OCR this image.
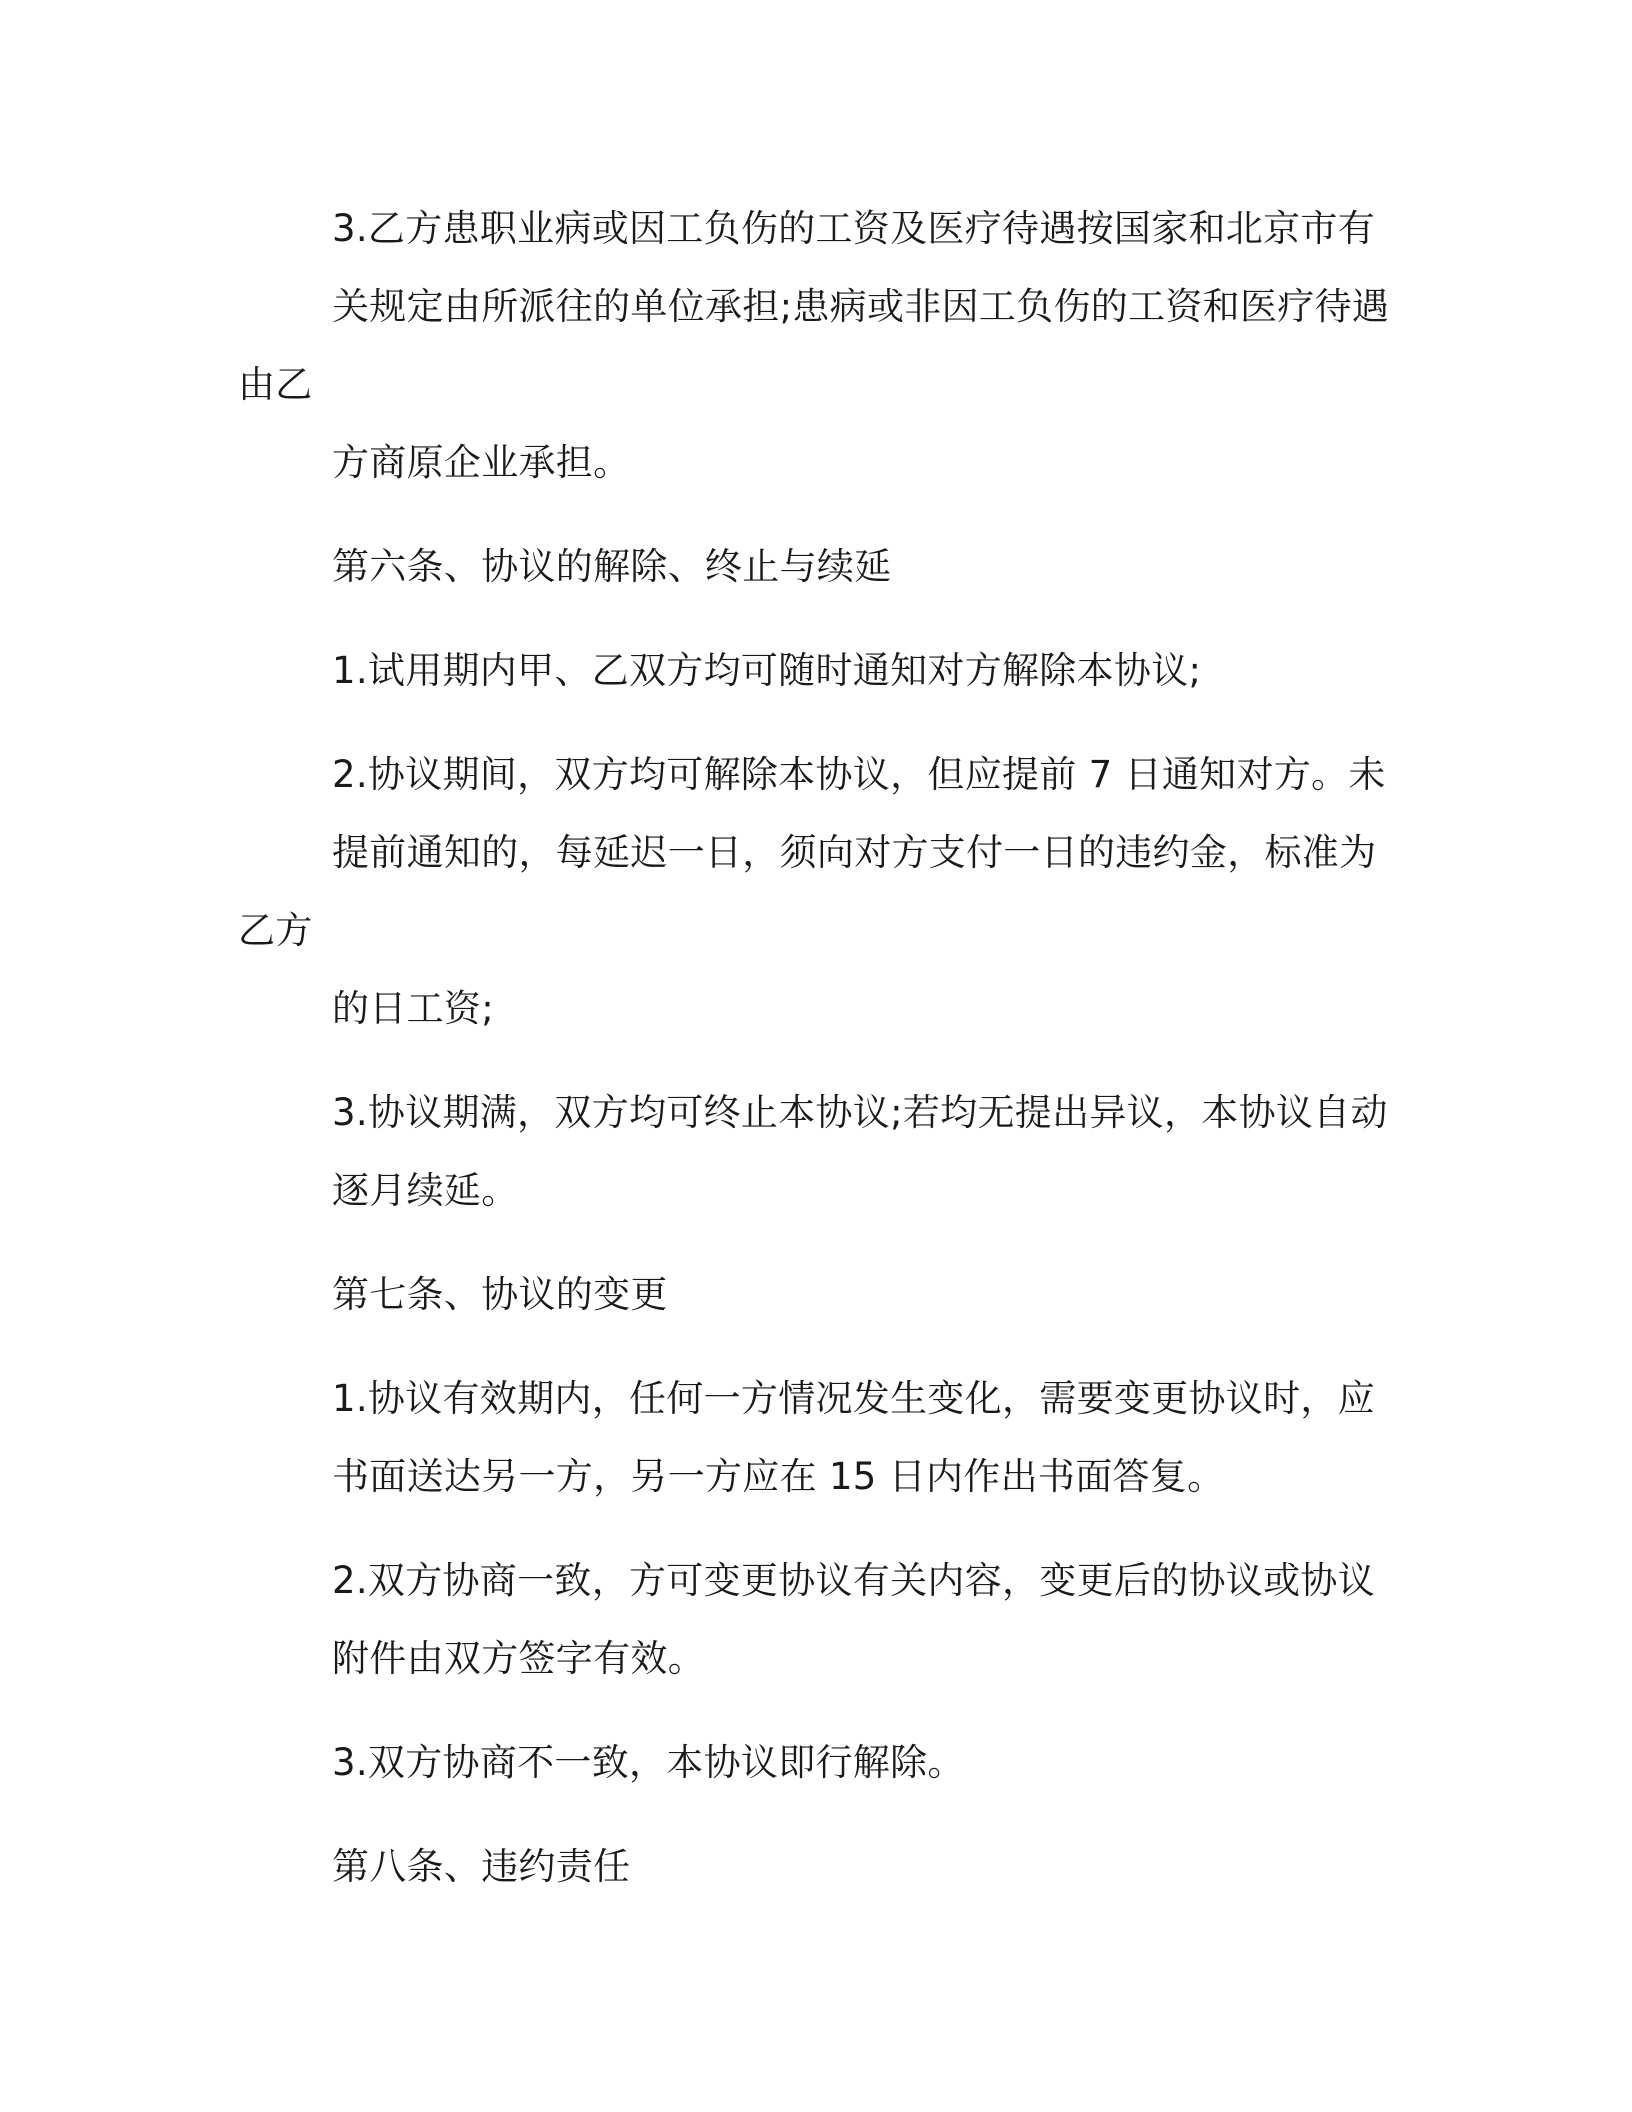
3.乙方患职业病或因工负伤的工资及医疗待遇按国家和北京市有
关规定由所派往的单位承担;患病或非因工负伤的工资和医疗待遇由乙
方商原企业承担。

第六条、协议的解除、终止与续延

1.试用期内甲、乙双方均可随时通知对方解除本协议;

2.协议期间，双方均可解除本协议，但应提前 7 日通知对方。未
提前通知的，每延迟一日，须向对方支付一日的违约金，标准为乙方
的日工资;

3.协议期满，双方均可终止本协议;若均无提出异议，本协议自动
逐月续延。

第七条、协议的变更

1.协议有效期内，任何一方情况发生变化，需要变更协议时，应
书面送达另一方，另一方应在 15 日内作出书面答复。

2.双方协商一致，方可变更协议有关内容，变更后的协议或协议
附件由双方签字有效。

3.双方协商不一致，本协议即行解除。

第八条、违约责任
